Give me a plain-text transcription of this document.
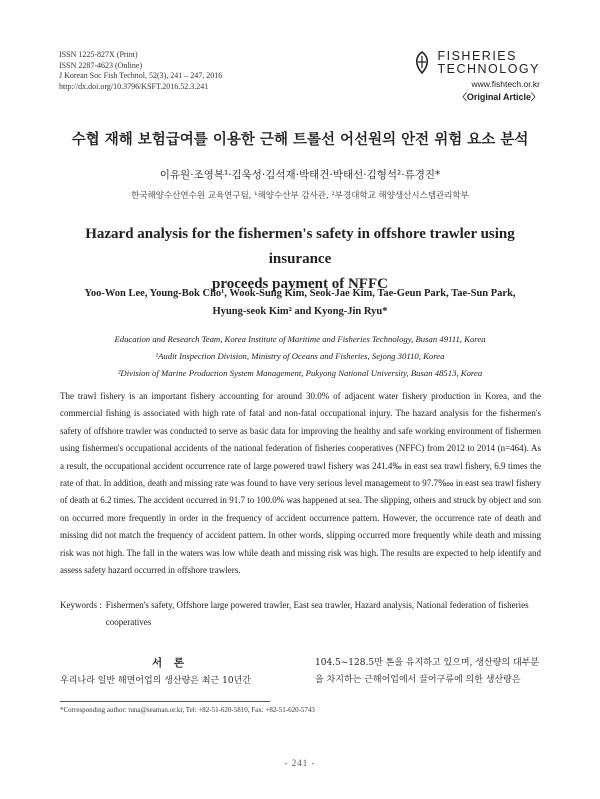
ISSN 1225-827X (Print)
ISSN 2287-4623 (Online)
J Korean Soc Fish Technol, 52(3), 241 – 247, 2016
http://dx.doi.org/10.3796/KSFT.2016.52.3.241
FISHERIES
TECHNOLOGY
www.fishtech.or.kr
〈Original Article〉
수협 재해 보험급여를 이용한 근해 트롤선 어선원의 안전 위험 요소 분석
이유원·조영복¹·김욱성·김석재·박태건·박태선·김형석²·류경진*
한국해양수산연수원 교육연구팀, ¹해양수산부 감사관, ²부경대학교 해양생산시스템관리학부
Hazard analysis for the fishermen's safety in offshore trawler using insurance
proceeds payment of NFFC
Yoo-Won Lee, Young-Bok Cho¹, Wook-Sung Kim, Seok-Jae Kim, Tae-Geun Park, Tae-Sun Park,
Hyung-seok Kim² and Kyong-Jin Ryu*
Education and Research Team, Korea Institute of Maritime and Fisheries Technology, Busan 49111, Korea
¹Audit Inspection Division, Ministry of Oceans and Fisheries, Sejong 30110, Korea
²Division of Marine Production System Management, Pukyong National University, Busan 48513, Korea
The trawl fishery is an important fishery accounting for around 30.0% of adjacent water fishery production in Korea, and the commercial fishing is associated with high rate of fatal and non-fatal occupational injury. The hazard analysis for the fishermen's safety of offshore trawler was conducted to serve as basic data for improving the healthy and safe working environment of fishermen using fishermen's occupational accidents of the national federation of fisheries cooperatives (NFFC) from 2012 to 2014 (n=464). As a result, the occupational accident occurrence rate of large powered trawl fishery was 241.4‰ in east sea trawl fishery, 6.9 times the rate of that. In addition, death and missing rate was found to have very serious level management to 97.7‱ in east sea trawl fishery of death at 6.2 times. The accident occurred in 91.7 to 100.0% was happened at sea. The slipping, others and struck by object and son on occurred more frequently in order in the frequency of accident occurrence pattern. However, the occurrence rate of death and missing did not match the frequency of accident pattern. In other words, slipping occurred more frequently while death and missing risk was not high. The fall in the waters was low while death and missing risk was high. The results are expected to help identify and assess safety hazard occurred in offshore trawlers.
Keywords : Fishermen's safety, Offshore large powered trawler, East sea trawler, Hazard analysis, National federation of fisheries cooperatives
서 론
우리나라 일반 해면어업의 생산량은 최근 10년간
104.5~128.5만 톤을 유지하고 있으며, 생산량의 대부분을 차지하는 근해어업에서 끌어구류에 의한 생산량은
*Corresponding author: tuna@seaman.or.kr, Tel: +82-51-620-5810, Fax: +82-51-620-5743
- 241 -
